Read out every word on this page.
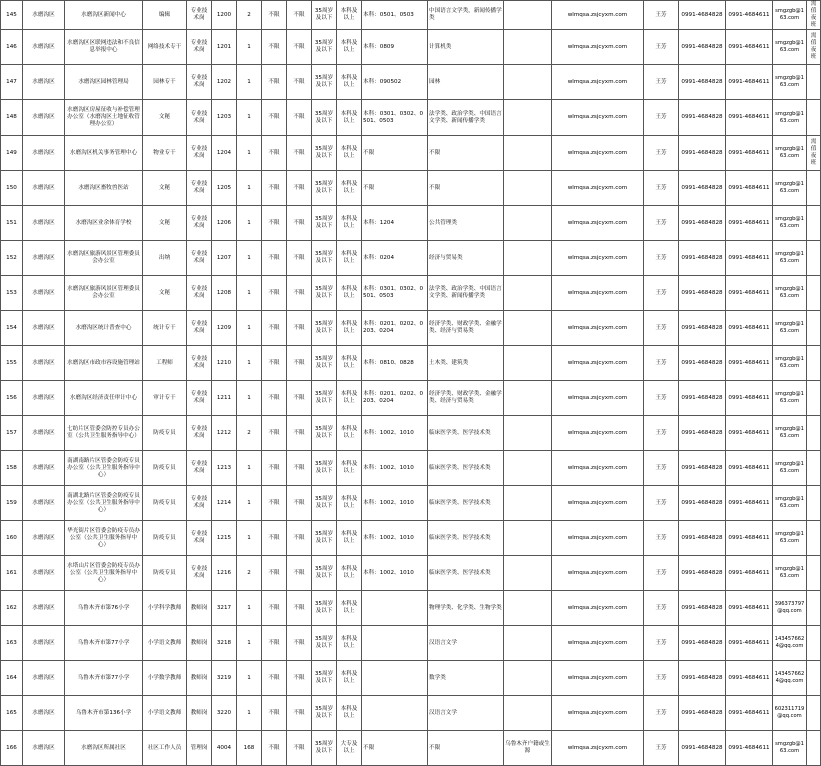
145	水磨沟区	水磨沟区新闻中心	编辑	专业技术岗	1200	2	不限	不限	35周岁及以下	本科及以上	本科：0501、0503	中国语言文学类，新闻传播学类		wlmqsa.zsjcyxm.com	王芳	0991-4684828	0991-4684611	smgzgb@163.com	需值夜班
146	水磨沟区	水磨沟区区联网违法和不良信息举报中心	网络技术专干	专业技术岗	1201	1	不限	不限	35周岁及以下	本科及以上	本科：0809	计算机类		wlmqsa.zsjcyxm.com	王芳	0991-4684828	0991-4684611	smgzgb@163.com	需值夜班
147	水磨沟区	水磨沟区园林管理局	园林专干	专业技术岗	1202	1	不限	不限	35周岁及以下	本科及以上	本科：090502	园林		wlmqsa.zsjcyxm.com	王芳	0991-4684828	0991-4684611	smgzgb@163.com	
148	水磨沟区	水磨沟区房屋征收与补偿管理办公室（水磨沟区土地征收管理办公室）	文秘	专业技术岗	1203	1	不限	不限	35周岁及以下	本科及以上	本科：0301、0302、0501、0503	法学类、政治学类、中国语言文学类、新闻传播学类		wlmqsa.zsjcyxm.com	王芳	0991-4684828	0991-4684611	smgzgb@163.com	
149	水磨沟区	水磨沟区机关事务管理中心	物业专干	专业技术岗	1204	1	不限	不限	35周岁及以下	本科及以上	不限	不限		wlmqsa.zsjcyxm.com	王芳	0991-4684828	0991-4684611	smgzgb@163.com	需值夜班
150	水磨沟区	水磨沟区畜牧兽医站	文秘	专业技术岗	1205	1	不限	不限	35周岁及以下	本科及以上	不限	不限		wlmqsa.zsjcyxm.com	王芳	0991-4684828	0991-4684611	smgzgb@163.com	
151	水磨沟区	水磨沟区业余体育学校	文秘	专业技术岗	1206	1	不限	不限	35周岁及以下	本科及以上	本科：1204	公共管理类		wlmqsa.zsjcyxm.com	王芳	0991-4684828	0991-4684611	smgzgb@163.com	
152	水磨沟区	水磨沟区旅游风景区管理委员会办公室	出纳	专业技术岗	1207	1	不限	不限	35周岁及以下	本科及以上	本科：0204	经济与贸易类		wlmqsa.zsjcyxm.com	王芳	0991-4684828	0991-4684611	smgzgb@163.com	
153	水磨沟区	水磨沟区旅游风景区管理委员会办公室	文秘	专业技术岗	1208	1	不限	不限	35周岁及以下	本科及以上	本科：0301、0302、0501、0503	法学类、政治学类、中国语言文学类、新闻传播学类		wlmqsa.zsjcyxm.com	王芳	0991-4684828	0991-4684611	smgzgb@163.com	
154	水磨沟区	水磨沟区统计普查中心	统计专干	专业技术岗	1209	1	不限	不限	35周岁及以下	本科及以上	本科：0201、0202、0203、0204	经济学类、财政学类、金融学类、经济与贸易类		wlmqsa.zsjcyxm.com	王芳	0991-4684828	0991-4684611	smgzgb@163.com	
155	水磨沟区	水磨沟区市政市容设施管理站	工程师	专业技术岗	1210	1	不限	不限	35周岁及以下	本科及以上	本科：0810、0828	土木类、建筑类		wlmqsa.zsjcyxm.com	王芳	0991-4684828	0991-4684611	smgzgb@163.com	
156	水磨沟区	水磨沟区经济责任审计中心	审计专干	专业技术岗	1211	1	不限	不限	35周岁及以下	本科及以上	本科：0201、0202、0203、0204	经济学类、财政学类、金融学类、经济与贸易类		wlmqsa.zsjcyxm.com	王芳	0991-4684828	0991-4684611	smgzgb@163.com	
157	水磨沟区	七纺片区管委会防控专员办公室（公共卫生服务指导中心）	防疫专员	专业技术岗	1212	2	不限	不限	35周岁及以下	本科及以上	本科：1002、1010	临床医学类、医学技术类		wlmqsa.zsjcyxm.com	王芳	0991-4684828	0991-4684611	smgzgb@163.com	
158	水磨沟区	南湖南路片区管委会防疫专员办公室（公共卫生服务指导中心）	防疫专员	专业技术岗	1213	1	不限	不限	35周岁及以下	本科及以上	本科：1002、1010	临床医学类、医学技术类		wlmqsa.zsjcyxm.com	王芳	0991-4684828	0991-4684611	smgzgb@163.com	
159	水磨沟区	南湖北路片区管委会防疫专员办公室（公共卫生服务指导中心）	防疫专员	专业技术岗	1214	1	不限	不限	35周岁及以下	本科及以上	本科：1002、1010	临床医学类、医学技术类		wlmqsa.zsjcyxm.com	王芳	0991-4684828	0991-4684611	smgzgb@163.com	
160	水磨沟区	华光街片区管委会防疫专员办公室（公共卫生服务指导中心）	防疫专员	专业技术岗	1215	1	不限	不限	35周岁及以下	本科及以上	本科：1002、1010	临床医学类、医学技术类		wlmqsa.zsjcyxm.com	王芳	0991-4684828	0991-4684611	smgzgb@163.com	
161	水磨沟区	水塔山片区管委会防疫专员办公室（公共卫生服务指导中心）	防疫专员	专业技术岗	1216	2	不限	不限	35周岁及以下	本科及以上	本科：1002、1010	临床医学类、医学技术类		wlmqsa.zsjcyxm.com	王芳	0991-4684828	0991-4684611	smgzgb@163.com	
162	水磨沟区	乌鲁木齐市第76小学	小学科学教师	教师岗	3217	1	不限	不限	35周岁及以下	本科及以上		物理学类、化学类、生物学类		wlmqsa.zsjcyxm.com	王芳	0991-4684828	0991-4684611	396373797@qq.com	
163	水磨沟区	乌鲁木齐市第77小学	小学语文教师	教师岗	3218	1	不限	不限	35周岁及以下	本科及以上		汉语言文学		wlmqsa.zsjcyxm.com	王芳	0991-4684828	0991-4684611	1434576624@qq.com	
164	水磨沟区	乌鲁木齐市第77小学	小学数学教师	教师岗	3219	1	不限	不限	35周岁及以下	本科及以上		数学类		wlmqsa.zsjcyxm.com	王芳	0991-4684828	0991-4684611	1434576624@qq.com	
165	水磨沟区	乌鲁木齐市第136小学	小学语文教师	教师岗	3220	1	不限	不限	35周岁及以下	本科及以上		汉语言文学		wlmqsa.zsjcyxm.com	王芳	0991-4684828	0991-4684611	602311719@qq.com	
166	水磨沟区	水磨沟区所属社区	社区工作人员	管理岗	4004	168	不限	不限	35周岁及以下	大专及以上	不限	不限	乌鲁木齐户籍或生源	wlmqsa.zsjcyxm.com	王芳	0991-4684828	0991-4684611	smgzgb@163.com	
